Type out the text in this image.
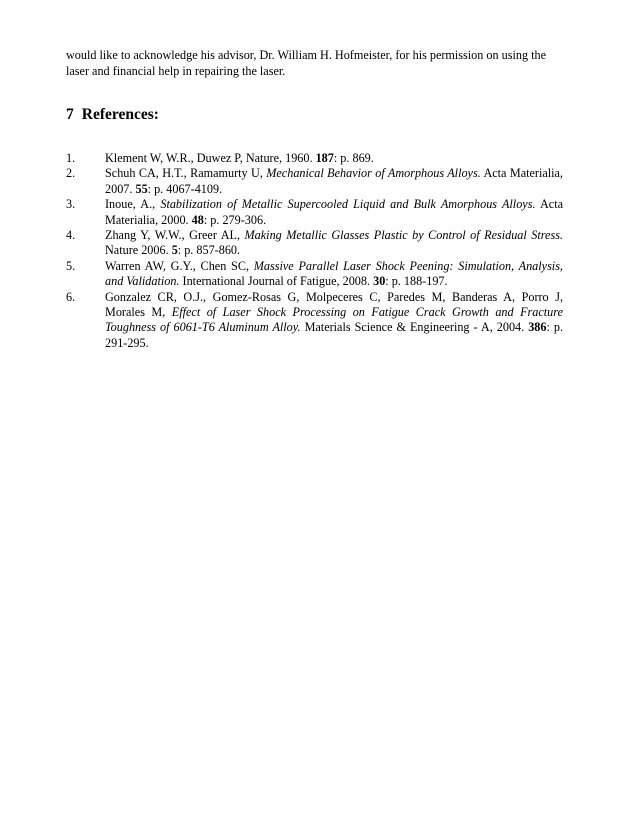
would like to acknowledge his advisor, Dr. William H. Hofmeister, for his permission on using the laser and financial help in repairing the laser.

7 References:
1.	Klement W, W.R., Duwez P, Nature, 1960. 187: p. 869.
2.	Schuh CA, H.T., Ramamurty U, Mechanical Behavior of Amorphous Alloys. Acta Materialia, 2007. 55: p. 4067-4109.
3.	Inoue, A., Stabilization of Metallic Supercooled Liquid and Bulk Amorphous Alloys. Acta Materialia, 2000. 48: p. 279-306.
4.	Zhang Y, W.W., Greer AL, Making Metallic Glasses Plastic by Control of Residual Stress. Nature 2006. 5: p. 857-860.
5.	Warren AW, G.Y., Chen SC, Massive Parallel Laser Shock Peening: Simulation, Analysis, and Validation. International Journal of Fatigue, 2008. 30: p. 188-197.
6.	Gonzalez CR, O.J., Gomez-Rosas G, Molpeceres C, Paredes M, Banderas A, Porro J, Morales M, Effect of Laser Shock Processing on Fatigue Crack Growth and Fracture Toughness of 6061-T6 Aluminum Alloy. Materials Science & Engineering - A, 2004. 386: p. 291-295.
